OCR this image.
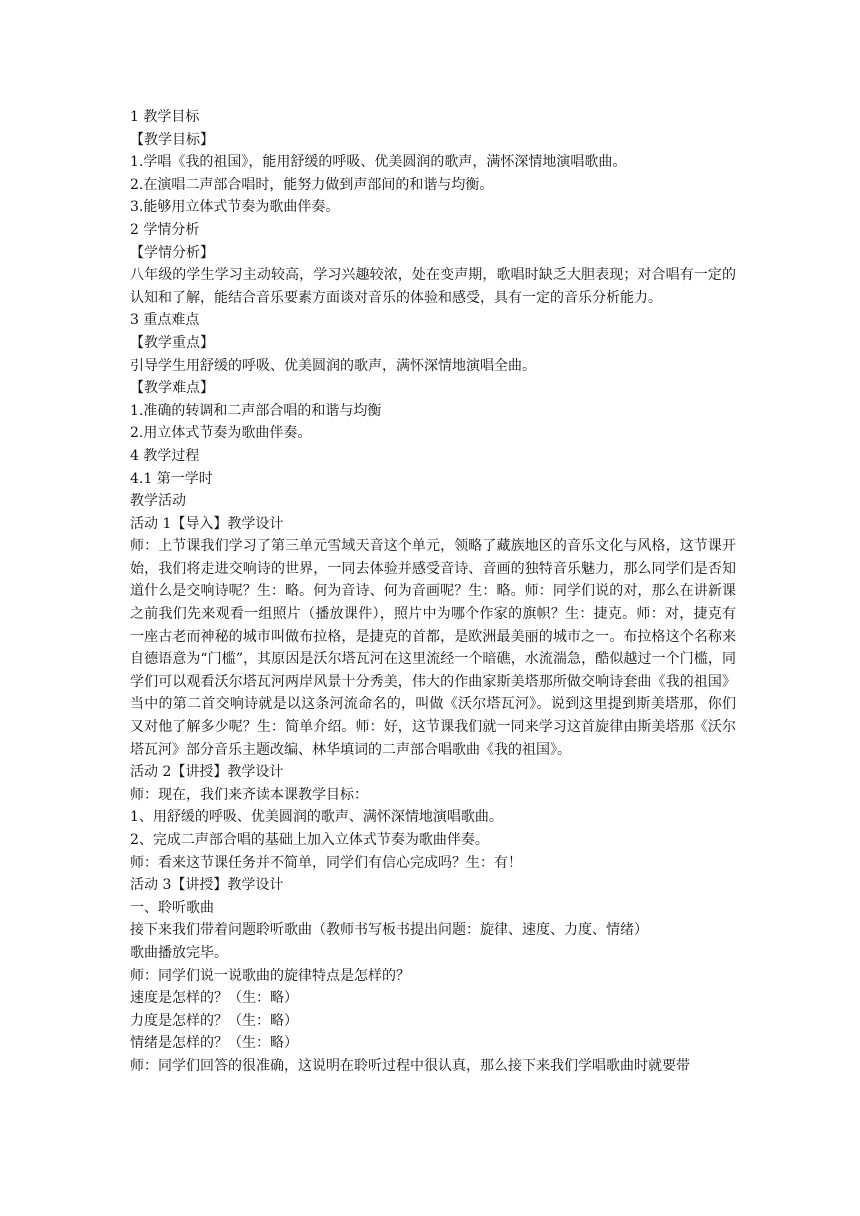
1 教学目标
【教学目标】
1.学唱《我的祖国》，能用舒缓的呼吸、优美圆润的歌声，满怀深情地演唱歌曲。
2.在演唱二声部合唱时，能努力做到声部间的和谐与均衡。
3.能够用立体式节奏为歌曲伴奏。
2 学情分析
【学情分析】
八年级的学生学习主动较高，学习兴趣较浓，处在变声期，歌唱时缺乏大胆表现；对合唱有一定的认知和了解，能结合音乐要素方面谈对音乐的体验和感受，具有一定的音乐分析能力。
3 重点难点
【教学重点】
引导学生用舒缓的呼吸、优美圆润的歌声，满怀深情地演唱全曲。
【教学难点】
1.准确的转调和二声部合唱的和谐与均衡
2.用立体式节奏为歌曲伴奏。
4 教学过程
4.1 第一学时
教学活动
活动 1【导入】教学设计
师：上节课我们学习了第三单元雪域天音这个单元，领略了藏族地区的音乐文化与风格，这节课开始，我们将走进交响诗的世界，一同去体验并感受音诗、音画的独特音乐魅力，那么同学们是否知道什么是交响诗呢？生：略。何为音诗、何为音画呢？生：略。师：同学们说的对，那么在讲新课之前我们先来观看一组照片（播放课件），照片中为哪个作家的旗帜？生：捷克。师：对，捷克有一座古老而神秘的城市叫做布拉格，是捷克的首都，是欧洲最美丽的城市之一。布拉格这个名称来自德语意为“门槛”，其原因是沃尔塔瓦河在这里流经一个暗礁，水流湍急，酷似越过一个门槛，同学们可以观看沃尔塔瓦河两岸风景十分秀美，伟大的作曲家斯美塔那所做交响诗套曲《我的祖国》当中的第二首交响诗就是以这条河流命名的，叫做《沃尔塔瓦河》。说到这里提到斯美塔那，你们又对他了解多少呢？生：简单介绍。师：好，这节课我们就一同来学习这首旋律由斯美塔那《沃尔塔瓦河》部分音乐主题改编、林华填词的二声部合唱歌曲《我的祖国》。
活动 2【讲授】教学设计
师：现在，我们来齐读本课教学目标：
1、用舒缓的呼吸、优美圆润的歌声、满怀深情地演唱歌曲。
2、完成二声部合唱的基础上加入立体式节奏为歌曲伴奏。
师：看来这节课任务并不简单，同学们有信心完成吗？生：有！
活动 3【讲授】教学设计
一、聆听歌曲
接下来我们带着问题聆听歌曲（教师书写板书提出问题：旋律、速度、力度、情绪）
歌曲播放完毕。
师：同学们说一说歌曲的旋律特点是怎样的？
速度是怎样的？（生：略）
力度是怎样的？（生：略）
情绪是怎样的？（生：略）
师：同学们回答的很准确，这说明在聆听过程中很认真，那么接下来我们学唱歌曲时就要带
